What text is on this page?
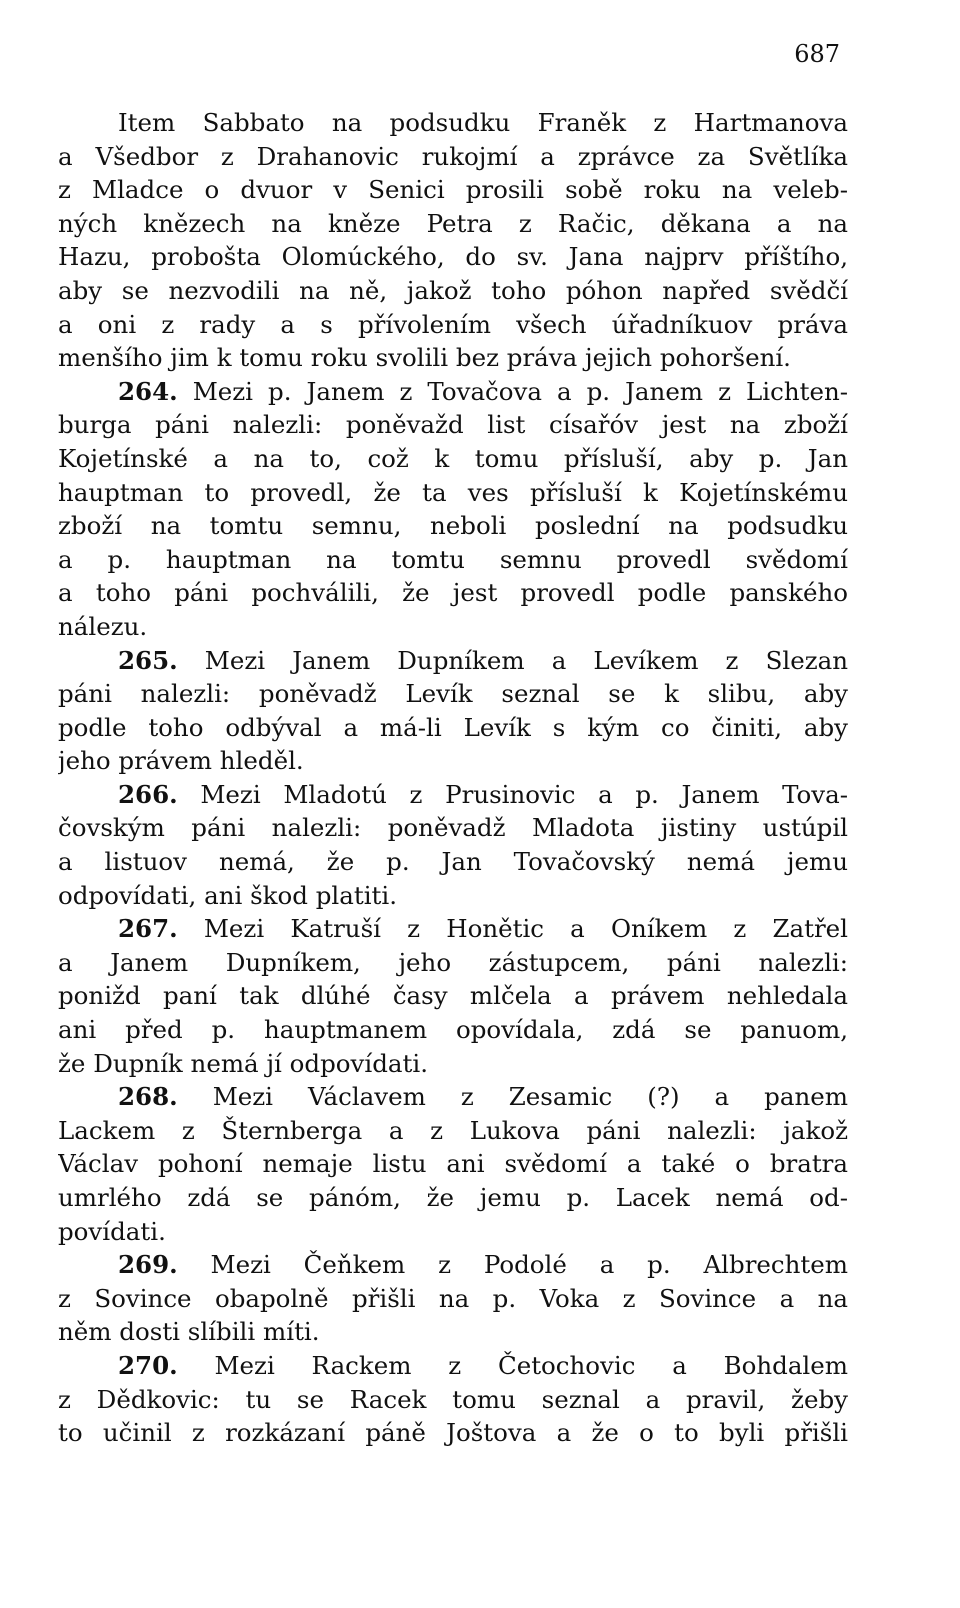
687
Item Sabbato na podsudku Franěk z Hartmanova
a Všedbor z Drahanovic rukojmí a zprávce za Světlíka
z Mladce o dvuor v Senici prosili sobě roku na veleb-
ných knězech na kněze Petra z Račic, děkana a na
Hazu, probošta Olomúckého, do sv. Jana najprv příštího,
aby se nezvodili na ně, jakož toho póhon napřed svědčí
a oni z rady a s přívolením všech úřadníkuov práva
menšího jim k tomu roku svolili bez práva jejich pohoršení.
264. Mezi p. Janem z Tovačova a p. Janem z Lichten-
burga páni nalezli: poněvažd list císařóv jest na zboží
Kojetínské a na to, což k tomu přísluší, aby p. Jan
hauptman to provedl, že ta ves přísluší k Kojetínskému
zboží na tomtu semnu, neboli poslední na podsudku
a p. hauptman na tomtu semnu provedl svědomí
a toho páni pochválili, že jest provedl podle panského
nálezu.
265. Mezi Janem Dupníkem a Levíkem z Slezan
páni nalezli: poněvadž Levík seznal se k slibu, aby
podle toho odbýval a má-li Levík s kým co činiti, aby
jeho právem hleděl.
266. Mezi Mladotú z Prusinovic a p. Janem Tova-
čovským páni nalezli: poněvadž Mladota jistiny ustúpil
a listuov nemá, že p. Jan Tovačovský nemá jemu
odpovídati, ani škod platiti.
267. Mezi Katruší z Honětic a Oníkem z Zatřel
a Janem Dupníkem, jeho zástupcem, páni nalezli:
ponižd paní tak dlúhé časy mlčela a právem nehledala
ani před p. hauptmanem opovídala, zdá se panuom,
že Dupník nemá jí odpovídati.
268. Mezi Václavem z Zesamic (?) a panem
Lackem z Šternberga a z Lukova páni nalezli: jakož
Václav pohoní nemaje listu ani svědomí a také o bratra
umrlého zdá se pánóm, že jemu p. Lacek nemá od-
povídati.
269. Mezi Čeňkem z Podolé a p. Albrechtem
z Sovince obapolně přišli na p. Voka z Sovince a na
něm dosti slíbili míti.
270. Mezi Rackem z Četochovic a Bohdalem
z Dědkovic: tu se Racek tomu seznal a pravil, žeby
to učinil z rozkázaní páně Joštova a že o to byli přišli
